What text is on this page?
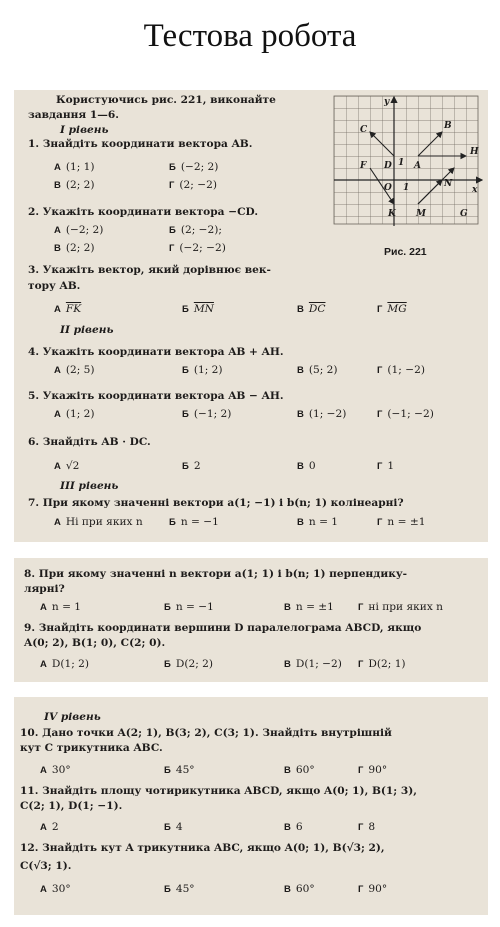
Тестова робота
Користуючись рис. 221, виконайте
завдання 1—6.
I рівень
1. Знайдіть координати вектора AB.
А (1; 1)	Б (−2; 2)
В (2; 2)	Г (2; −2)
2. Укажіть координати вектора −CD.
А (−2; 2)	Б (2; −2);
В (2; 2)	Г (−2; −2)
3. Укажіть вектор, який дорівнює век-
тору AB.
А $\overline{FK}$	Б $\overline{MN}$	В $\overline{DC}$	Г $\overline{MG}$
II рівень
4. Укажіть координати вектора AB + AH.
А (2; 5)	Б (1; 2)	В (5; 2)	Г (1; −2)
5. Укажіть координати вектора AB − AH.
А (1; 2)	Б (−1; 2)	В (1; −2)	Г (−1; −2)
6. Знайдіть AB · DC.
А √2	Б 2	В 0	Г 1
III рівень
7. При якому значенні вектори a(1; −1) і b(n; 1) колінеарні?
А Ні при яких n	Б n = −1	В n = 1	Г n = ±1
y
x
C	B
F D A
H
N
K M	G
O 1
1
Рис. 221
8. При якому значенні n вектори a(1; 1) і b(n; 1) перпендику-
лярні?
А n = 1	Б n = −1	В n = ±1	Г ні при яких n
9. Знайдіть координати вершини D паралелограма ABCD, якщо
A(0; 2), B(1; 0), C(2; 0).
А D(1; 2)	Б D(2; 2)	В D(1; −2) Г D(2; 1)
IV рівень
10. Дано точки A(2; 1), B(3; 2), C(3; 1). Знайдіть внутрішній
кут C трикутника ABC.
А 30°	Б 45°	В 60°	Г 90°
11. Знайдіть площу чотирикутника ABCD, якщо A(0; 1), B(1; 3),
C(2; 1), D(1; −1).
А 2	Б 4	В 6	Г 8
12. Знайдіть кут A трикутника ABC, якщо A(0; 1), B(√3; 2),
C(√3; 1).
А 30°	Б 45°	В 60°	Г 90°
